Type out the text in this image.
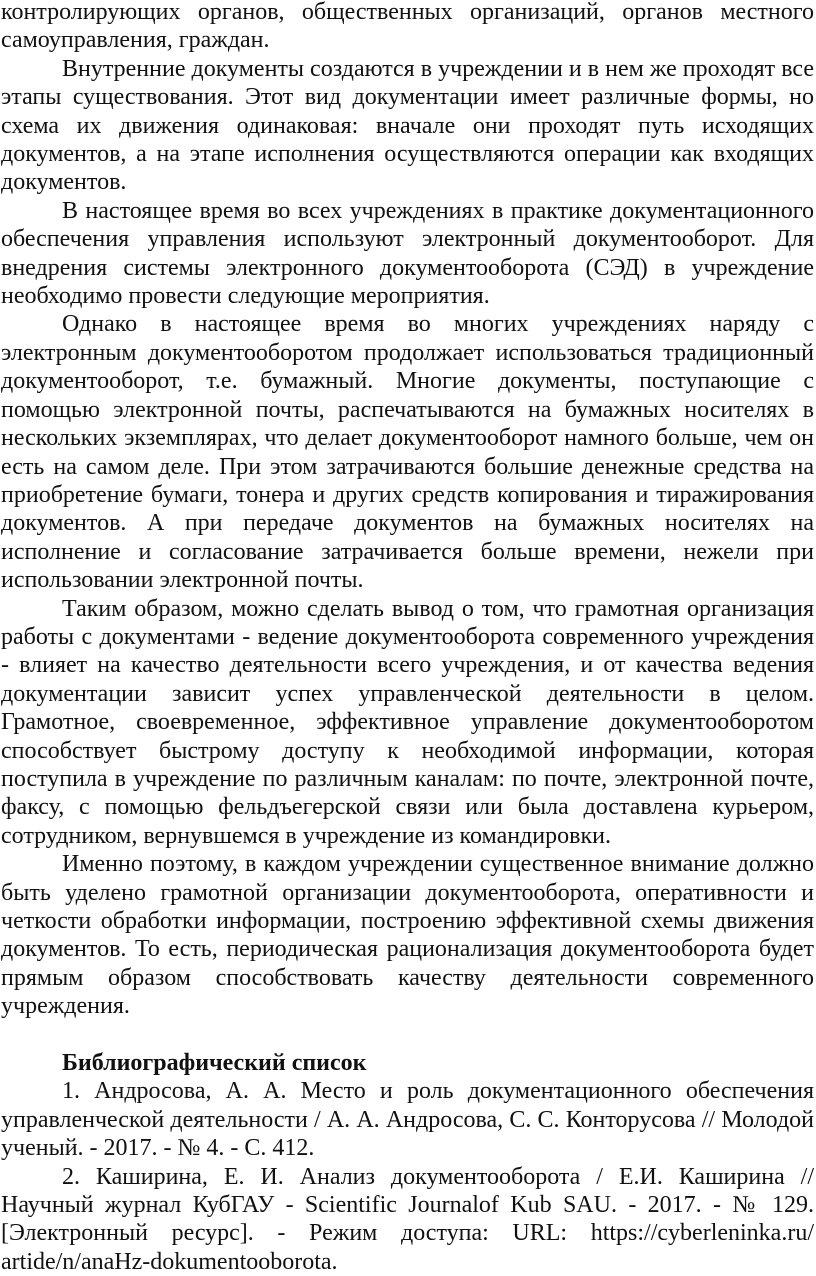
контролирующих органов, общественных организаций, органов местного самоуправления, граждан.

Внутренние документы создаются в учреждении и в нем же проходят все этапы существования. Этот вид документации имеет различные формы, но схема их движения одинаковая: вначале они проходят путь исходящих документов, а на этапе исполнения осуществляются операции как входящих документов.

В настоящее время во всех учреждениях в практике документационного обеспечения управления используют электронный документооборот. Для внедрения системы электронного документооборота (СЭД) в учреждение необходимо провести следующие мероприятия.

Однако в настоящее время во многих учреждениях наряду с электронным документооборотом продолжает использоваться традиционный документооборот, т.е. бумажный. Многие документы, поступающие с помощью электронной почты, распечатываются на бумажных носителях в нескольких экземплярах, что делает документооборот намного больше, чем он есть на самом деле. При этом затрачиваются большие денежные средства на приобретение бумаги, тонера и других средств копирования и тиражирования документов. А при передаче документов на бумажных носителях на исполнение и согласование затрачивается больше времени, нежели при использовании электронной почты.

Таким образом, можно сделать вывод о том, что грамотная организация работы с документами - ведение документооборота современного учреждения - влияет на качество деятельности всего учреждения, и от качества ведения документации зависит успех управленческой деятельности в целом. Грамотное, своевременное, эффективное управление документооборотом способствует быстрому доступу к необходимой информации, которая поступила в учреждение по различным каналам: по почте, электронной почте, факсу, с помощью фельдъегерской связи или была доставлена курьером, сотрудником, вернувшемся в учреждение из командировки.

Именно поэтому, в каждом учреждении существенное внимание должно быть уделено грамотной организации документооборота, оперативности и четкости обработки информации, построению эффективной схемы движения документов. То есть, периодическая рационализация документооборота будет прямым образом способствовать качеству деятельности современного учреждения.

Библиографический список

1. Андросова, А. А. Место и роль документационного обеспечения управленческой деятельности / А. А. Андросова, С. С. Конторусова // Молодой ученый. - 2017. - № 4. - С. 412.

2. Каширина, Е. И. Анализ документооборота / Е.И. Каширина // Научный журнал КубГАУ - Scientific Journalof Kub SAU. - 2017. - № 129. [Электронный ресурс]. - Режим доступа: URL: https://cyberleninka.ru/ artide/n/anaHz-dokumentooborota.
